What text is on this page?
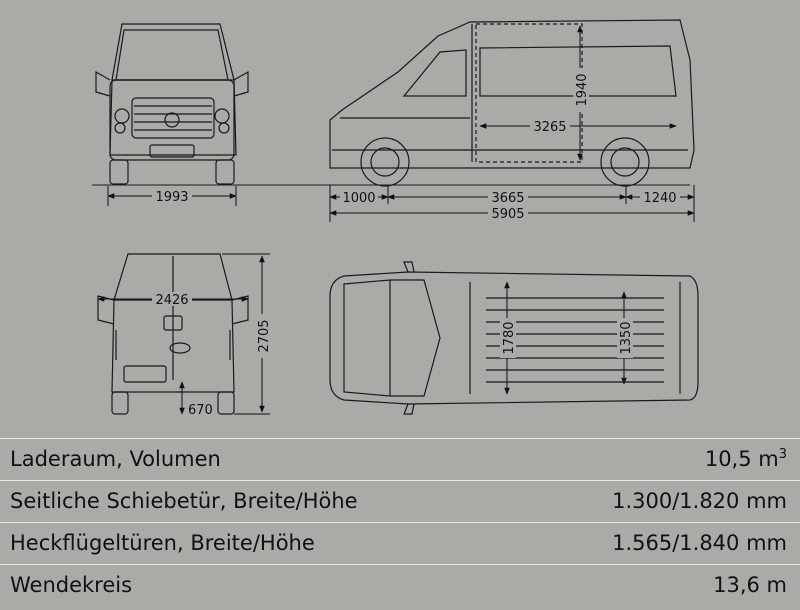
1993
1940
3265
1000	3665	1240
5905
2426
2705
670
1780	1350
Laderaum, Volumen	10,5 $m^3$
Seitliche Schiebetür, Breite/Höhe	1.300/1.820 mm
Heckflügeltüren, Breite/Höhe	1.565/1.840 mm
Wendekreis	13,6 m
